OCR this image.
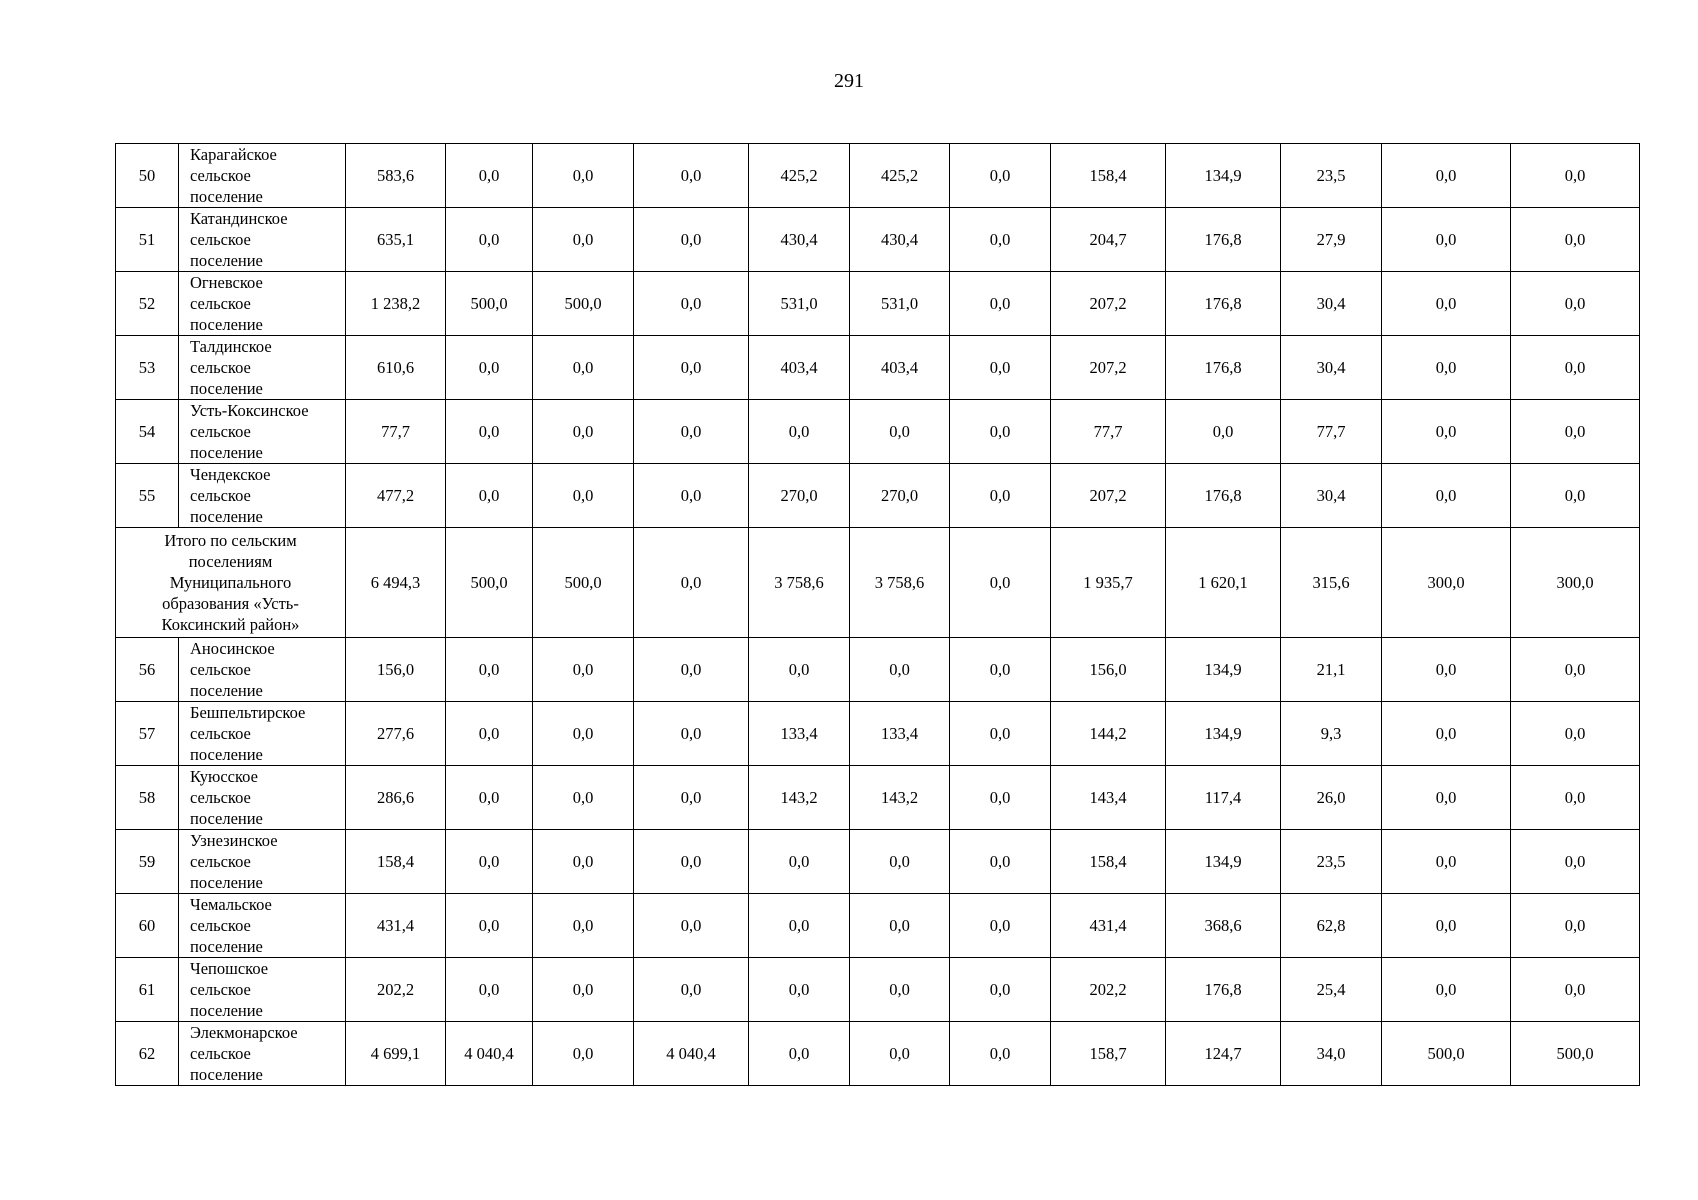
291
50	Карагайское
сельское
поселение	583,6	0,0	0,0	0,0	425,2	425,2	0,0	158,4	134,9	23,5	0,0	0,0
51	Катандинское
сельское
поселение	635,1	0,0	0,0	0,0	430,4	430,4	0,0	204,7	176,8	27,9	0,0	0,0
52	Огневское
сельское
поселение	1 238,2	500,0	500,0	0,0	531,0	531,0	0,0	207,2	176,8	30,4	0,0	0,0
53	Талдинское
сельское
поселение	610,6	0,0	0,0	0,0	403,4	403,4	0,0	207,2	176,8	30,4	0,0	0,0
54	Усть-Коксинское
сельское
поселение	77,7	0,0	0,0	0,0	0,0	0,0	0,0	77,7	0,0	77,7	0,0	0,0
55	Чендекское
сельское
поселение	477,2	0,0	0,0	0,0	270,0	270,0	0,0	207,2	176,8	30,4	0,0	0,0

Итого по сельским
поселениям
Муниципального
образования «Усть-
Коксинский район»		6 494,3	500,0	500,0	0,0	3 758,6	3 758,6	0,0	1 935,7	1 620,1	315,6	300,0	300,0
56	Аносинское
сельское
поселение	156,0	0,0	0,0	0,0	0,0	0,0	0,0	156,0	134,9	21,1	0,0	0,0
57	Бешпельтирское
сельское
поселение	277,6	0,0	0,0	0,0	133,4	133,4	0,0	144,2	134,9	9,3	0,0	0,0
58	Куюсское
сельское
поселение	286,6	0,0	0,0	0,0	143,2	143,2	0,0	143,4	117,4	26,0	0,0	0,0
59	Узнезинское
сельское
поселение	158,4	0,0	0,0	0,0	0,0	0,0	0,0	158,4	134,9	23,5	0,0	0,0
60	Чемальское
сельское
поселение	431,4	0,0	0,0	0,0	0,0	0,0	0,0	431,4	368,6	62,8	0,0	0,0
61	Чепошское
сельское
поселение	202,2	0,0	0,0	0,0	0,0	0,0	0,0	202,2	176,8	25,4	0,0	0,0
62	Элекмонарское
сельское
поселение	4 699,1	4 040,4	0,0	4 040,4	0,0	0,0	0,0	158,7	124,7	34,0	500,0	500,0
